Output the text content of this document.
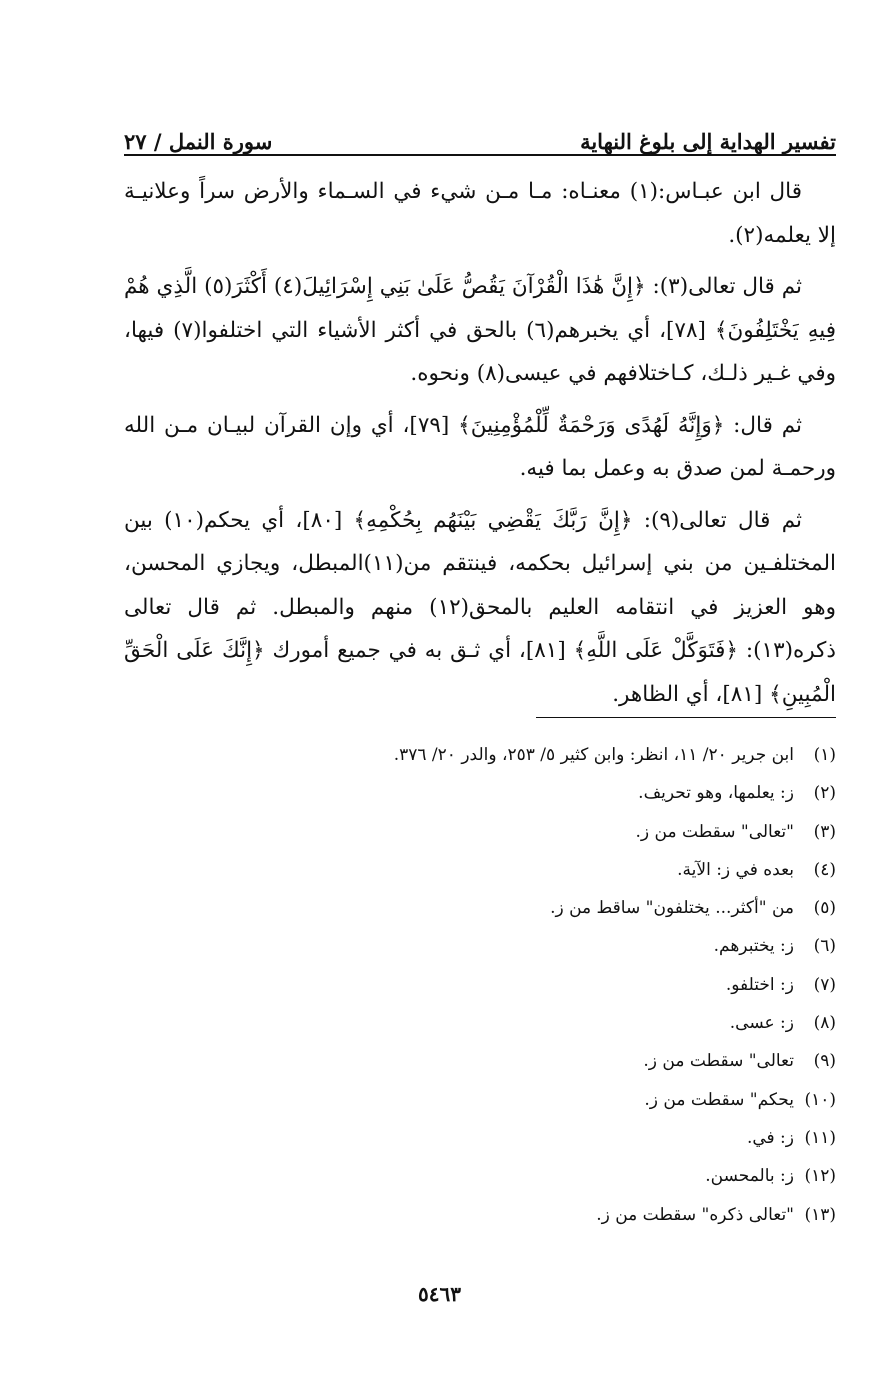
تفسير الهداية إلى بلوغ النهاية
سورة النمل / ٢٧

قال ابن عبـاس:(١) معنـاه: مـا مـن شيء في السـماء والأرض سراً وعلانيـة إلا يعلمه(٢).

ثم قال تعالى(٣): ﴿إِنَّ هَٰذَا الْقُرْآنَ يَقُصُّ عَلَىٰ بَنِي إِسْرَائِيلَ(٤) أَكْثَرَ(٥) الَّذِي هُمْ فِيهِ يَخْتَلِفُونَ﴾ [٧٨]، أي يخبرهم(٦) بالحق في أكثر الأشياء التي اختلفوا(٧) فيها، وفي غـير ذلـك، كـاختلافهم في عيسى(٨) ونحوه.

ثم قال: ﴿وَإِنَّهُ لَهُدًى وَرَحْمَةٌ لِّلْمُؤْمِنِينَ﴾ [٧٩]، أي وإن القرآن لبيـان مـن الله ورحمـة لمن صدق به وعمل بما فيه.

ثم قال تعالى(٩): ﴿إِنَّ رَبَّكَ يَقْضِي بَيْنَهُم بِحُكْمِهِ﴾ [٨٠]، أي يحكم(١٠) بين المختلفـين من بني إسرائيل بحكمه، فينتقم من(١١)المبطل، ويجازي المحسن، وهو العزيز في انتقامه العليم بالمحق(١٢) منهم والمبطل. ثم قال تعالى ذكره(١٣): ﴿فَتَوَكَّلْ عَلَى اللَّهِ﴾ [٨١]، أي ثـق به في جميع أمورك ﴿إِنَّكَ عَلَى الْحَقِّ الْمُبِينِ﴾ [٨١]، أي الظاهر.

(١)ابن جرير ٢٠/ ١١، انظر: وابن كثير ٥/ ٢٥٣، والدر ٢٠/ ٣٧٦.
(٢)ز: يعلمها، وهو تحريف.
(٣)"تعالى" سقطت من ز.
(٤)بعده في ز: الآية.
(٥)من "أكثر... يختلفون" ساقط من ز.
(٦)ز: يختبرهم.
(٧)ز: اختلفو.
(٨)ز: عسى.
(٩)تعالى" سقطت من ز.
(١٠)يحكم" سقطت من ز.
(١١)ز: في.
(١٢)ز: بالمحسن.
(١٣)"تعالى ذكره" سقطت من ز.
٥٤٦٣
